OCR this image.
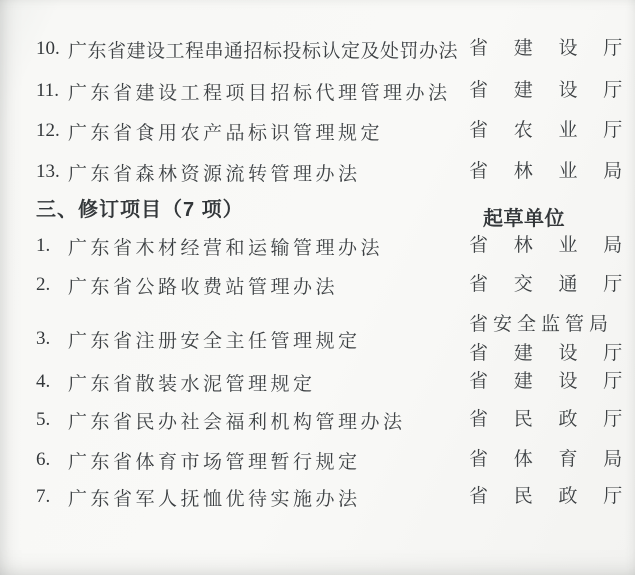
10. 广东省建设工程串通招标投标认定及处罚办法 省 建 设 厅
11. 广东省建设工程项目招标代理管理办法 省 建 设 厅
12. 广东省食用农产品标识管理规定	省 农 业 厅
13. 广东省森林资源流转管理办法	省 林 业 局
三、修订项目（7 项）	起草单位
1. 广东省木材经营和运输管理办法	省 林 业 局
2. 广东省公路收费站管理办法	省 交 通 厅
3. 广东省注册安全主任管理规定
省安全监管局
省 建 设 厅
4. 广东省散装水泥管理规定	省 建 设 厅
5. 广东省民办社会福利机构管理办法	省 民 政 厅
6. 广东省体育市场管理暂行规定	省 体 育 局
7. 广东省军人抚恤优待实施办法	省 民 政 厅
